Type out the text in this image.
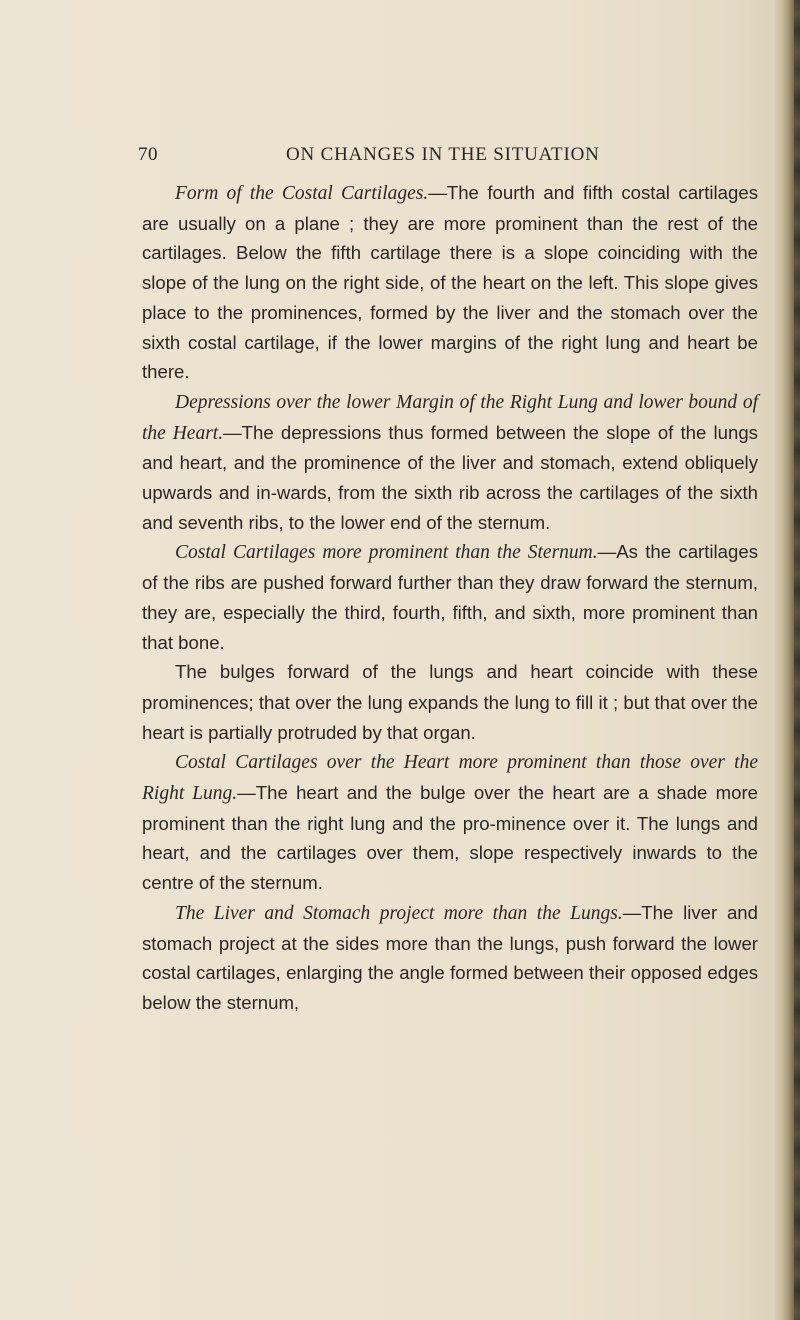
70	ON CHANGES IN THE SITUATION

Form of the Costal Cartilages.—The fourth and fifth costal cartilages are usually on a plane ; they are more prominent than the rest of the cartilages. Below the fifth cartilage there is a slope coinciding with the slope of the lung on the right side, of the heart on the left. This slope gives place to the prominences, formed by the liver and the stomach over the sixth costal cartilage, if the lower margins of the right lung and heart be there.

Depressions over the lower Margin of the Right Lung and lower bound of the Heart.—The depressions thus formed between the slope of the lungs and heart, and the prominence of the liver and stomach, extend obliquely upwards and in-wards, from the sixth rib across the cartilages of the sixth and seventh ribs, to the lower end of the sternum.

Costal Cartilages more prominent than the Sternum.—As the cartilages of the ribs are pushed forward further than they draw forward the sternum, they are, especially the third, fourth, fifth, and sixth, more prominent than that bone.

The bulges forward of the lungs and heart coincide with these prominences; that over the lung expands the lung to fill it ; but that over the heart is partially protruded by that organ.

Costal Cartilages over the Heart more prominent than those over the Right Lung.—The heart and the bulge over the heart are a shade more prominent than the right lung and the pro-minence over it. The lungs and heart, and the cartilages over them, slope respectively inwards to the centre of the sternum.

The Liver and Stomach project more than the Lungs.—The liver and stomach project at the sides more than the lungs, push forward the lower costal cartilages, enlarging the angle formed between their opposed edges below the sternum,
